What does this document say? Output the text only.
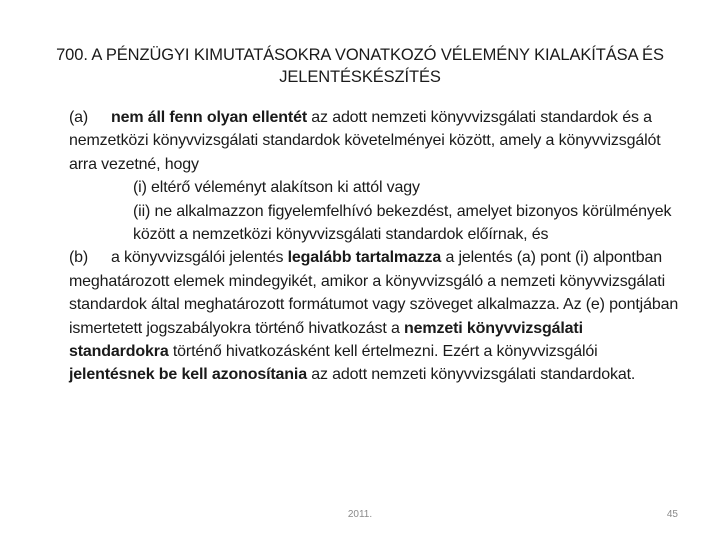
700. A PÉNZÜGYI KIMUTATÁSOKRA VONATKOZÓ VÉLEMÉNY KIALAKÍTÁSA ÉS
JELENTÉSKÉSZÍTÉS

(a) nem áll fenn olyan ellentét az adott nemzeti könyvvizsgálati standardok és a nemzetközi könyvvizsgálati standardok követelményei között, amely a könyvvizsgálót arra vezetné, hogy

(i) eltérő véleményt alakítson ki attól vagy

(ii) ne alkalmazzon figyelemfelhívó bekezdést, amelyet bizonyos körülmények között a nemzetközi könyvvizsgálati standardok előírnak, és

(b) a könyvvizsgálói jelentés legalább tartalmazza a jelentés (a) pont (i) alpontban meghatározott elemek mindegyikét, amikor a könyvvizsgáló a nemzeti könyvvizsgálati standardok által meghatározott formátumot vagy szöveget alkalmazza. Az (e) pontjában ismertetett jogszabályokra történő hivatkozást a nemzeti könyvvizsgálati standardokra történő hivatkozásként kell értelmezni. Ezért a könyvvizsgálói jelentésnek be kell azonosítania az adott nemzeti könyvvizsgálati standardokat.

2011.	45
